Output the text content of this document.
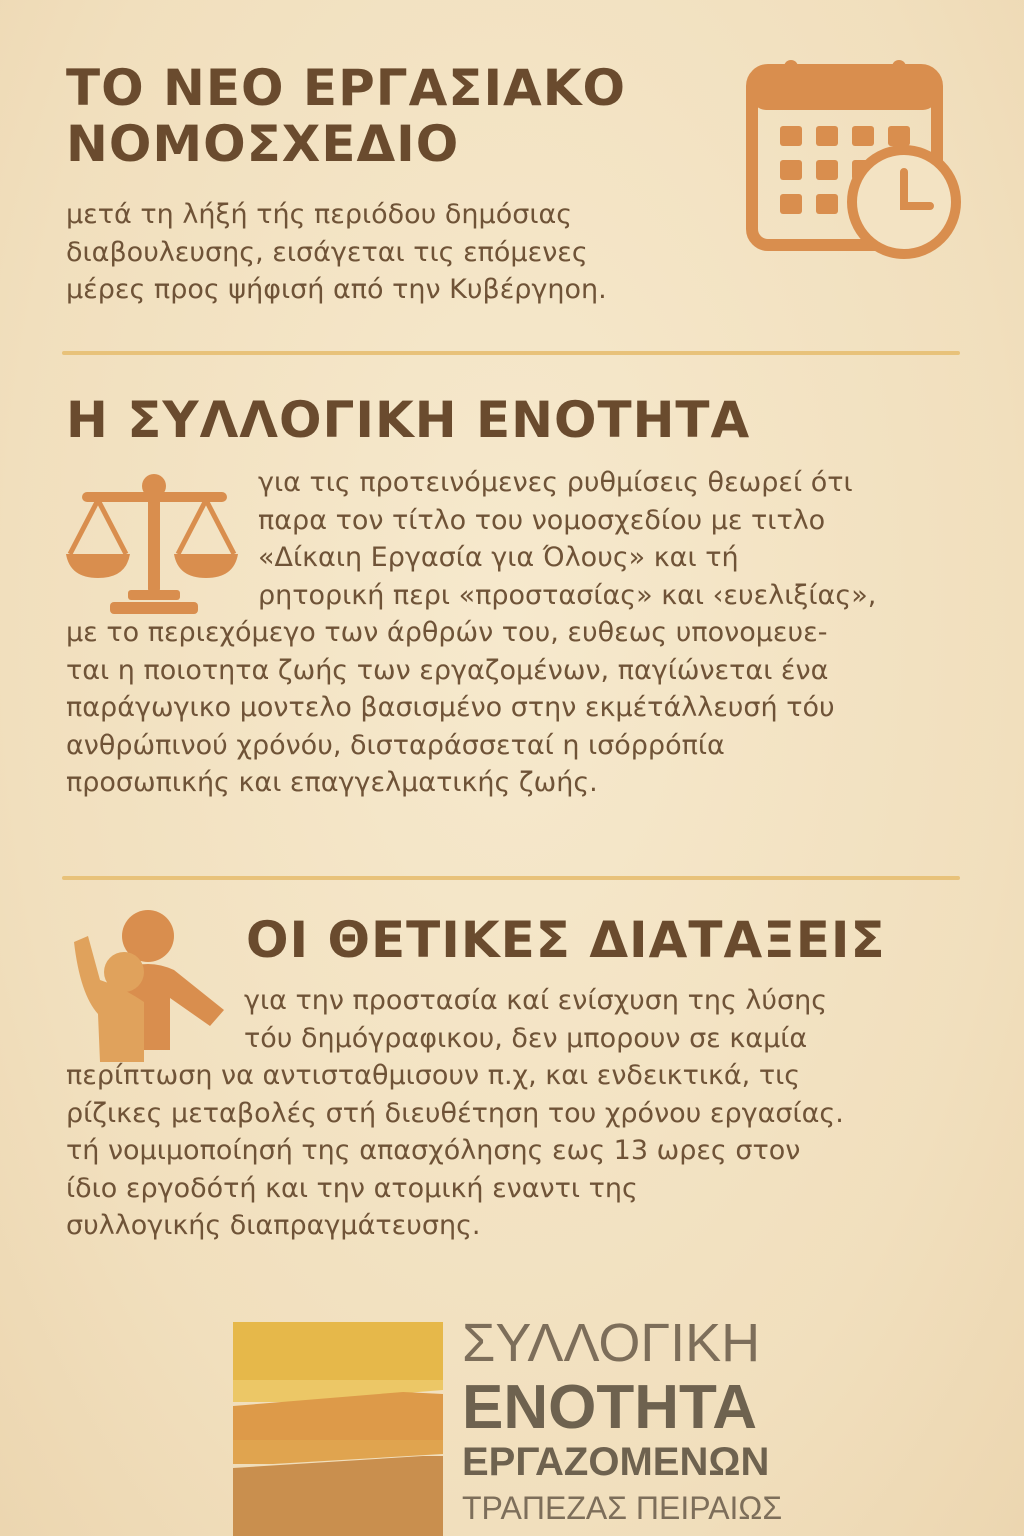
ΤΟ ΝΕΟ ΕΡΓΑΣΙΑΚΟ
ΝΟΜΟΣΧΕΔΙΟ
μετά τη λήξή τής περιόδου δημόσιας
διαβουλευσης, εισάγεται τις επόμενες
μέρες προς ψήφισή από την Κυβέργηοη.
Η ΣΥΛΛΟΓΙΚΗ ΕΝΟΤΗΤΑ
για τις προτεινόμενες ρυθμίσεις θεωρεί ότι
παρα τον τίτλο του νομοσχεδίου με τιτλο
«Δίκαιη Εργασία για Όλους» και τή
ρητορική περι «προστασίας» και ‹ευελιξίας»,
με το περιεχόμεγο των άρθρών του, ευθεως υπονομευε-
ται η ποιοτητα ζωής των εργαζομένων, παγίώνεται ένα
παράγωγικο μοντελο βασισμένο στην εκμέτάλλευσή τόυ
ανθρώπινού χρόνόυ, δισταράσσεταί η ισόρρόπία
προσωπικής και επαγγελματικής ζωής.
ΟΙ ΘΕΤΙΚΕΣ ΔΙΑΤΑΞΕΙΣ
για την προστασία καί ενίσχυση της λύσης
τόυ δημόγραφικου, δεν μπορουν σε καμία
περίπτωση να αντισταθμισουν π.χ, και ενδεικτικά, τις
ρίζικες μεταβολές στή διευθέτηση του χρόνου εργασίας.
τή νομιμοποίησή της απασχόλησης εως 13 ωρες στον
ίδιο εργοδότή και την ατομική εναντι της
συλλογικής διαπραγμάτευσης.
ΣΥΛΛΟΓΙΚΗ
ΕΝΟΤΗΤΑ
ΕΡΓΑΖΟΜΕΝΩΝ
ΤΡΑΠΕΖΑΣ ΠΕΙΡΑΙΩΣ
